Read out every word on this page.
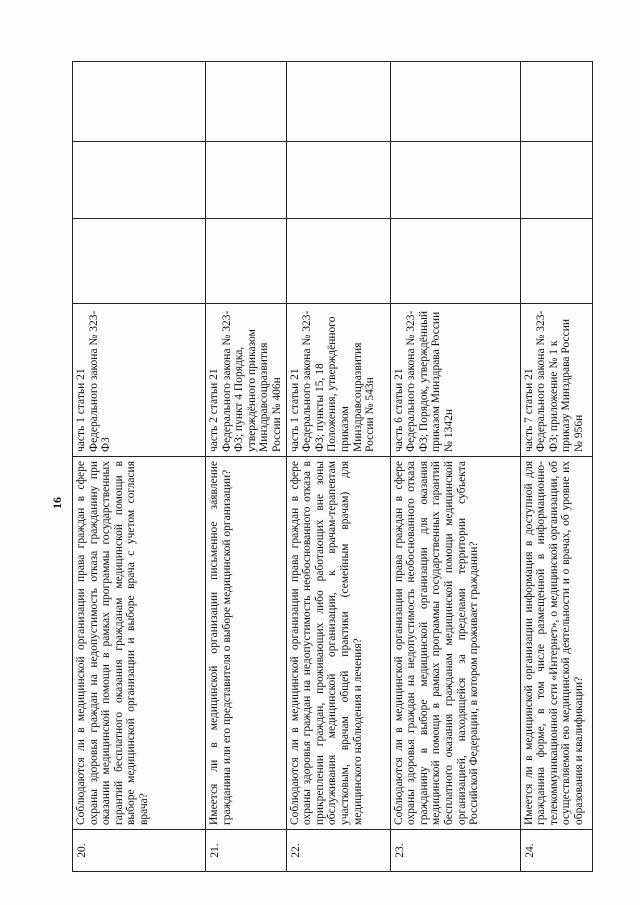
16
20.	Соблюдаются ли в медицинской организации права граждан в сфере охраны здоровья граждан на недопустимость отказа гражданину при оказании медицинской помощи в рамках программы государственных гарантий бесплатного оказания гражданам медицинской помощи в выборе медицинской организации и выборе врача с учетом согласия врача?	часть 1 статьи 21 Федерального закона № 323-ФЗ			
21.	Имеется ли в медицинской организации письменное заявление гражданина или его представителя о выборе медицинской организации?	часть 2 статьи 21 Федерального закона № 323-ФЗ; пункт 4 Порядка, утверждённого приказом Минздравсоцразвития России № 406н			
22.	Соблюдаются ли в медицинской организации права граждан в сфере охраны здоровья граждан на недопустимость необоснованного отказа в прикреплении граждан, проживающих либо работающих вне зоны обслуживания медицинской организации, к врачам-терапевтам участковым, врачам общей практики (семейным врачам) для медицинского наблюдения и лечения?	часть 1 статьи 21 Федерального закона № 323-ФЗ; пункты 15, 18 Положения, утверждённого приказом Минздравсоцразвития России № 543н			
23.	Соблюдаются ли в медицинской организации права граждан в сфере охраны здоровья граждан на недопустимость необоснованного отказа гражданину в выборе медицинской организации для оказания медицинской помощи в рамках программы государственных гарантий бесплатного оказания гражданам медицинской помощи медицинской организацией, находящейся за пределами территории субъекта Российской Федерации, в котором проживает гражданин?	часть 6 статьи 21 Федерального закона № 323-ФЗ; Порядок, утверждённый приказом Минздрава России № 1342н			
24.	Имеется ли в медицинской организации информация в доступной для гражданина форме, в том числе размещенной в информационно-телекоммуникационной сети «Интернет», о медицинской организации, об осуществляемой ею медицинской деятельности и о врачах, об уровне их образования и квалификации?	часть 7 статьи 21 Федерального закона № 323-ФЗ; приложение № 1 к приказу Минздрава России № 956н			
